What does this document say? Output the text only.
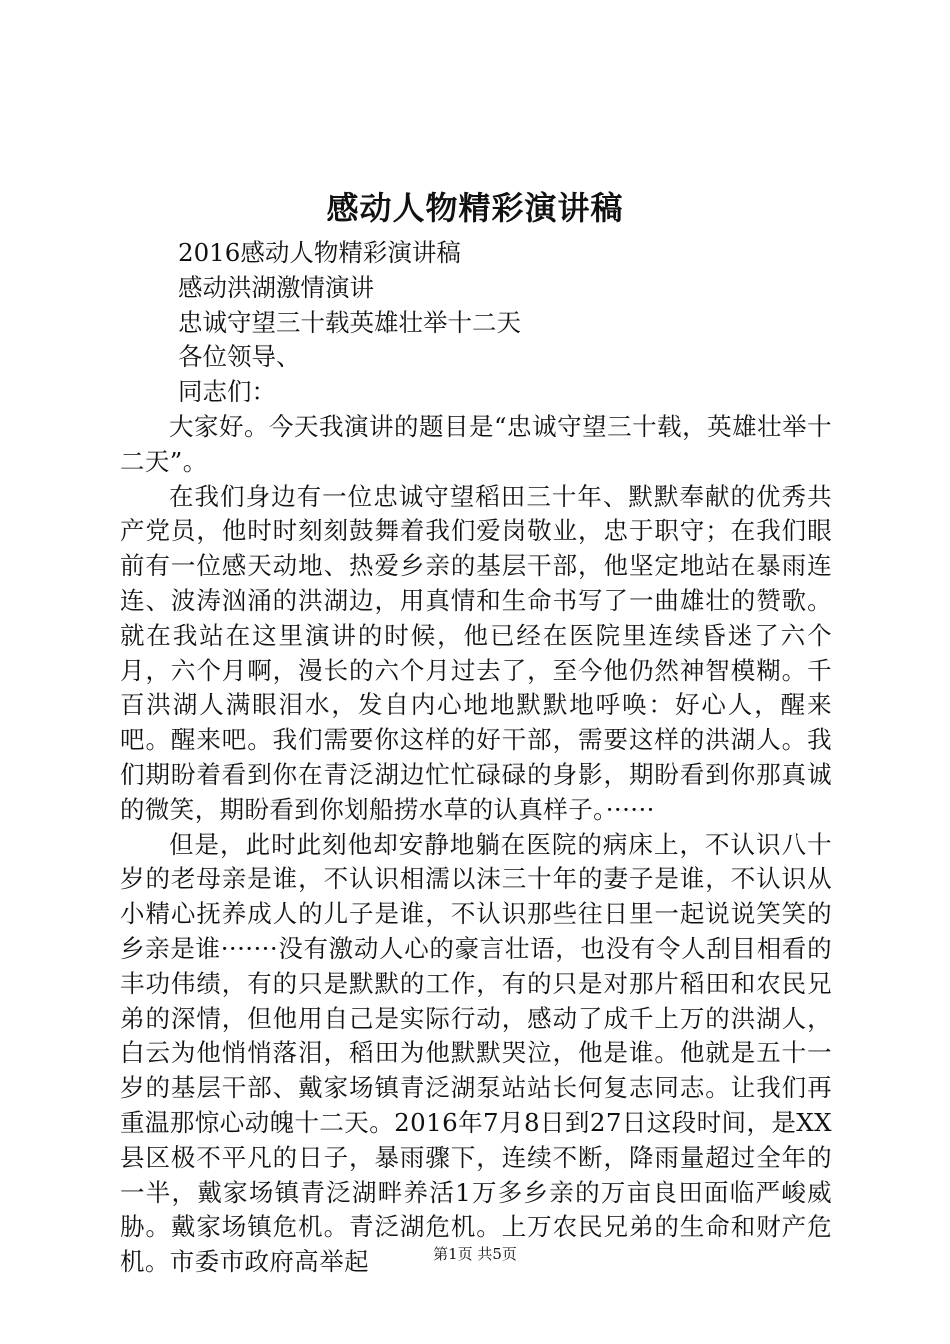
感动人物精彩演讲稿

2016感动人物精彩演讲稿

感动洪湖激情演讲

忠诚守望三十载英雄壮举十二天

各位领导、

同志们：

大家好。今天我演讲的题目是“忠诚守望三十载，英雄壮举十二天”。

在我们身边有一位忠诚守望稻田三十年、默默奉献的优秀共产党员，他时时刻刻鼓舞着我们爱岗敬业，忠于职守；在我们眼前有一位感天动地、热爱乡亲的基层干部，他坚定地站在暴雨连连、波涛汹涌的洪湖边，用真情和生命书写了一曲雄壮的赞歌。就在我站在这里演讲的时候，他已经在医院里连续昏迷了六个月，六个月啊，漫长的六个月过去了，至今他仍然神智模糊。千百洪湖人满眼泪水，发自内心地地默默地呼唤：好心人，醒来吧。醒来吧。我们需要你这样的好干部，需要这样的洪湖人。我们期盼着看到你在青泛湖边忙忙碌碌的身影，期盼看到你那真诚的微笑，期盼看到你划船捞水草的认真样子。······

但是，此时此刻他却安静地躺在医院的病床上，不认识八十岁的老母亲是谁，不认识相濡以沫三十年的妻子是谁，不认识从小精心抚养成人的儿子是谁，不认识那些往日里一起说说笑笑的乡亲是谁·······没有激动人心的豪言壮语，也没有令人刮目相看的丰功伟绩，有的只是默默的工作，有的只是对那片稻田和农民兄弟的深情，但他用自己是实际行动，感动了成千上万的洪湖人，白云为他悄悄落泪，稻田为他默默哭泣，他是谁。他就是五十一岁的基层干部、戴家场镇青泛湖泵站站长何复志同志。让我们再重温那惊心动魄十二天。2016年7月8日到27日这段时间，是XX县区极不平凡的日子，暴雨骤下，连续不断，降雨量超过全年的一半，戴家场镇青泛湖畔养活1万多乡亲的万亩良田面临严峻威胁。戴家场镇危机。青泛湖危机。上万农民兄弟的生命和财产危机。市委市政府高举起	第1页 共5页
